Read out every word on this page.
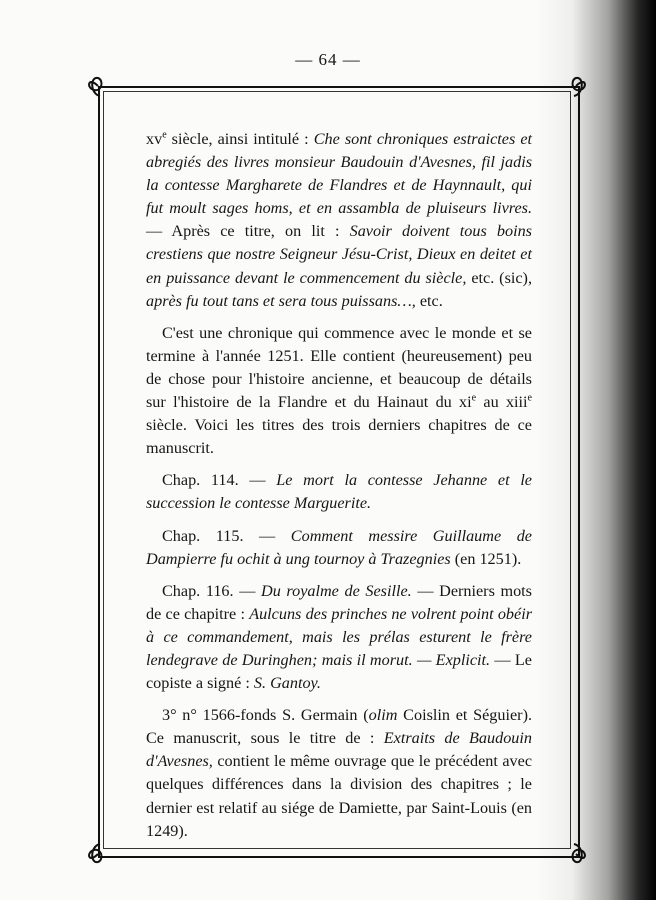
— 64 —

$xv^e$ siècle, ainsi intitulé : Che sont chroniques estraictes et abregiés des livres monsieur Baudouin d'Avesnes, fil jadis la contesse Margharete de Flandres et de Haynnault, qui fut moult sages homs, et en assambla de pluiseurs livres. — Après ce titre, on lit : Savoir doivent tous boins crestiens que nostre Seigneur Jésu-Crist, Dieux en deitet et en puissance devant le commencement du siècle, etc. (sic), après fu tout tans et sera tous puissans…, etc.

C'est une chronique qui commence avec le monde et se termine à l'année 1251. Elle contient (heureusement) peu de chose pour l'histoire ancienne, et beaucoup de détails sur l'histoire de la Flandre et du Hainaut du $xi^e$ au xiii$^e$ siècle. Voici les titres des trois derniers chapitres de ce manuscrit.

Chap. 114. — Le mort la contesse Jehanne et le succession le contesse Marguerite.

Chap. 115. — Comment messire Guillaume de Dampierre fu ochit à ung tournoy à Trazegnies (en 1251).

Chap. 116. — Du royalme de Sesille. — Derniers mots de ce chapitre : Aulcuns des prinches ne volrent point obéir à ce commandement, mais les prélas esturent le frère lendegrave de Duringhen; mais il morut. — Explicit. — Le copiste a signé : S. Gantoy.

3° n° 1566-fonds S. Germain (olim Coislin et Séguier). Ce manuscrit, sous le titre de : Extraits de Baudouin d'Avesnes, contient le même ouvrage que le précédent avec quelques différences dans la division des chapitres ; le dernier est relatif au siége de Damiette, par Saint-Louis (en 1249).
